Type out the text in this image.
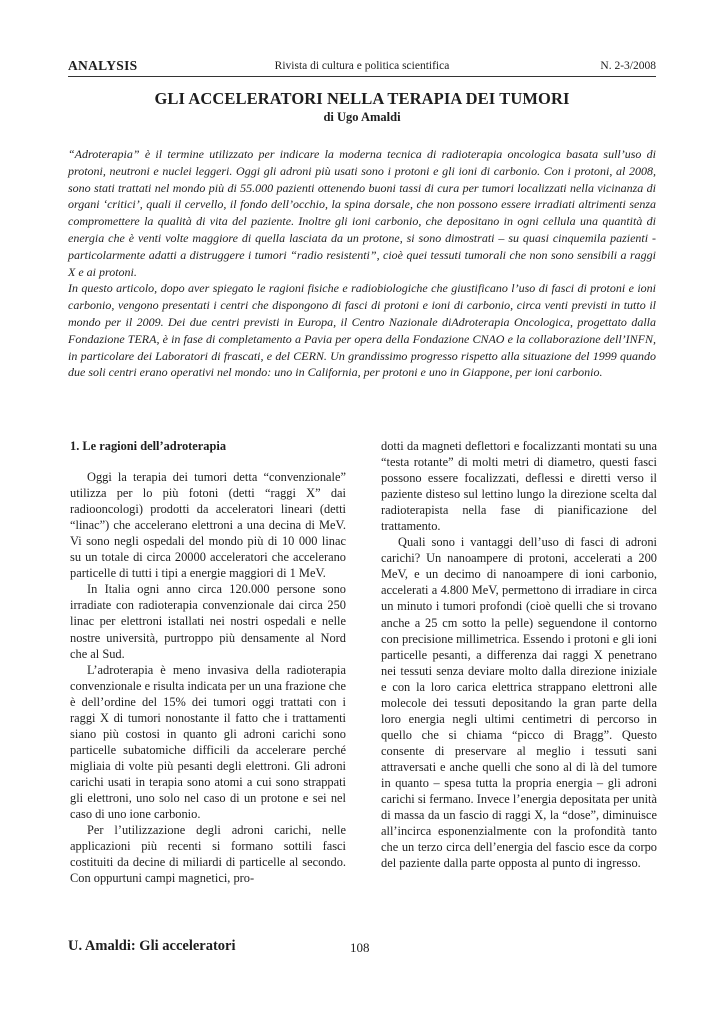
ANALYSIS	Rivista di cultura e politica scientifica	N. 2-3/2008
GLI ACCELERATORI NELLA TERAPIA DEI TUMORI
di Ugo Amaldi

“Adroterapia” è il termine utilizzato per indicare la moderna tecnica di radioterapia oncologica basata sull’uso di protoni, neutroni e nuclei leggeri. Oggi gli adroni più usati sono i protoni e gli ioni di carbonio. Con i protoni, al 2008, sono stati trattati nel mondo più di 55.000 pazienti ottenendo buoni tassi di cura per tumori localizzati nella vicinanza di organi ‘critici’, quali il cervello, il fondo dell’occhio, la spina dorsale, che non possono essere irradiati altrimenti senza compromettere la qualità di vita del paziente. Inoltre gli ioni carbonio, che depositano in ogni cellula una quantità di energia che è venti volte maggiore di quella lasciata da un protone, si sono dimostrati – su quasi cinquemila pazienti - particolarmente adatti a distruggere i tumori “radio resistenti”, cioè quei tessuti tumorali che non sono sensibili a raggi X e ai protoni.

In questo articolo, dopo aver spiegato le ragioni fisiche e radiobiologiche che giustificano l’uso di fasci di protoni e ioni carbonio, vengono presentati i centri che dispongono di fasci di protoni e ioni di carbonio, circa venti previsti in tutto il mondo per il 2009. Dei due centri previsti in Europa, il Centro Nazionale diAdroterapia Oncologica, progettato dalla Fondazione TERA, è in fase di completamento a Pavia per opera della Fondazione CNAO e la collaborazione dell’INFN, in particolare dei Laboratori di frascati, e del CERN. Un grandissimo progresso rispetto alla situazione del 1999 quando due soli centri erano operativi nel mondo: uno in California, per protoni e uno in Giappone, per ioni carbonio.

1. Le ragioni dell’adroterapia

Oggi la terapia dei tumori detta “convenzionale” utilizza per lo più fotoni (detti “raggi X” dai radiooncologi) prodotti da acceleratori lineari (detti “linac”) che accelerano elettroni a una decina di MeV. Vi sono negli ospedali del mondo più di 10 000 linac su un totale di circa 20000 acceleratori che accelerano particelle di tutti i tipi a energie maggiori di 1 MeV.

In Italia ogni anno circa 120.000 persone sono irradiate con radioterapia convenzionale dai circa 250 linac per elettroni istallati nei nostri ospedali e nelle nostre università, purtroppo più densamente al Nord che al Sud.

L’adroterapia è meno invasiva della radioterapia convenzionale e risulta indicata per un una frazione che è dell’ordine del 15% dei tumori oggi trattati con i raggi X di tumori nonostante il fatto che i trattamenti siano più costosi in quanto gli adroni carichi sono particelle subatomiche difficili da accelerare perché migliaia di volte più pesanti degli elettroni. Gli adroni carichi usati in terapia sono atomi a cui sono strappati gli elettroni, uno solo nel caso di un protone e sei nel caso di uno ione carbonio.

Per l’utilizzazione degli adroni carichi, nelle applicazioni più recenti si formano sottili fasci costituiti da decine di miliardi di particelle al secondo. Con oppurtuni campi magnetici, pro-

dotti da magneti deflettori e focalizzanti montati su una “testa rotante” di molti metri di diametro, questi fasci possono essere focalizzati, deflessi e diretti verso il paziente disteso sul lettino lungo la direzione scelta dal radioterapista nella fase di pianificazione del trattamento.

Quali sono i vantaggi dell’uso di fasci di adroni carichi? Un nanoampere di protoni, accelerati a 200 MeV, e un decimo di nanoampere di ioni carbonio, accelerati a 4.800 MeV, permettono di irradiare in circa un minuto i tumori profondi (cioè quelli che si trovano anche a 25 cm sotto la pelle) seguendone il contorno con precisione millimetrica. Essendo i protoni e gli ioni particelle pesanti, a differenza dai raggi X penetrano nei tessuti senza deviare molto dalla direzione iniziale e con la loro carica elettrica strappano elettroni alle molecole dei tessuti depositando la gran parte della loro energia negli ultimi centimetri di percorso in quello che si chiama “picco di Bragg”. Questo consente di preservare al meglio i tessuti sani attraversati e anche quelli che sono al di là del tumore in quanto – spesa tutta la propria energia – gli adroni carichi si fermano. Invece l’energia depositata per unità di massa da un fascio di raggi X, la “dose”, diminuisce all’incirca esponenzialmente con la profondità tanto che un terzo circa dell’energia del fascio esce da corpo del paziente dalla parte opposta al punto di ingresso.

U. Amaldi: Gli acceleratori	108
